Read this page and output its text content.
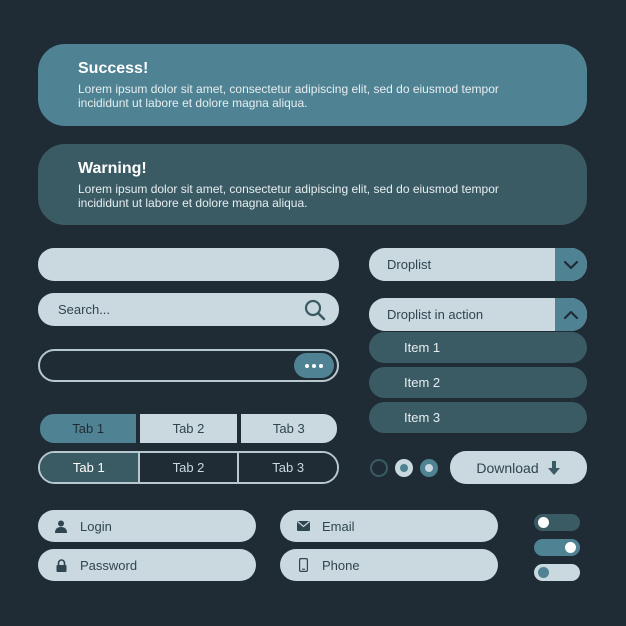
Success!
Lorem ipsum dolor sit amet, consectetur adipiscing elit, sed do eiusmod tempor
incididunt ut labore et dolore magna aliqua.
Warning!
Lorem ipsum dolor sit amet, consectetur adipiscing elit, sed do eiusmod tempor
incididunt ut labore et dolore magna aliqua.
Search...
Tab 1	Tab 2	Tab 3
Tab 1	Tab 2	Tab 3
Droplist
Droplist in action
Item 1
Item 2
Item 3
Download
Login
Password
Email
Phone
